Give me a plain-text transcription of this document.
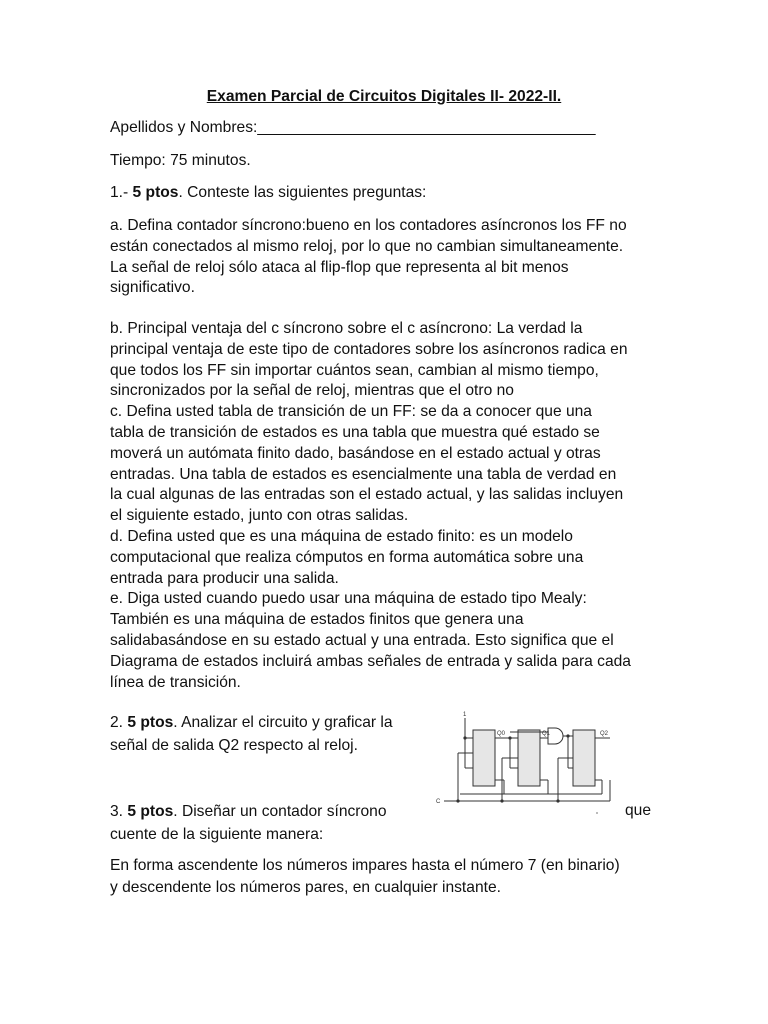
Examen Parcial de Circuitos Digitales II- 2022-II.
Apellidos y Nombres:_______________________________________
Tiempo: 75 minutos.
1.- 5 ptos. Conteste las siguientes preguntas:
a. Defina contador síncrono:bueno en los contadores asíncronos los FF no
están conectados al mismo reloj, por lo que no cambian simultaneamente.
La señal de reloj sólo ataca al flip-flop que representa al bit menos
significativo.
b. Principal ventaja del c síncrono sobre el c asíncrono: La verdad la
principal ventaja de este tipo de contadores sobre los asíncronos radica en
que todos los FF sin importar cuántos sean, cambian al mismo tiempo,
sincronizados por la señal de reloj, mientras que el otro no
c. Defina usted tabla de transición de un FF: se da a conocer que una
tabla de transición de estados es una tabla que muestra qué estado se
moverá un autómata finito dado, basándose en el estado actual y otras
entradas. Una tabla de estados es esencialmente una tabla de verdad en
la cual algunas de las entradas son el estado actual, y las salidas incluyen
el siguiente estado, junto con otras salidas.
d. Defina usted que es una máquina de estado finito: es un modelo
computacional que realiza cómputos en forma automática sobre una
entrada para producir una salida.
e. Diga usted cuando puedo usar una máquina de estado tipo Mealy:
También es una máquina de estados finitos que genera una
salidabasándose en su estado actual y una entrada. Esto significa que el
Diagrama de estados incluirá ambas señales de entrada y salida para cada
línea de transición.
2. 5 ptos. Analizar el circuito y graficar la
señal de salida Q2 respecto al reloj.
1
Q0	Q1	Q2
C
3. 5 ptos. Diseñar un contador síncrono
cuente de la siguiente manera:
que
En forma ascendente los números impares hasta el número 7 (en binario)
y descendente los números pares, en cualquier instante.
